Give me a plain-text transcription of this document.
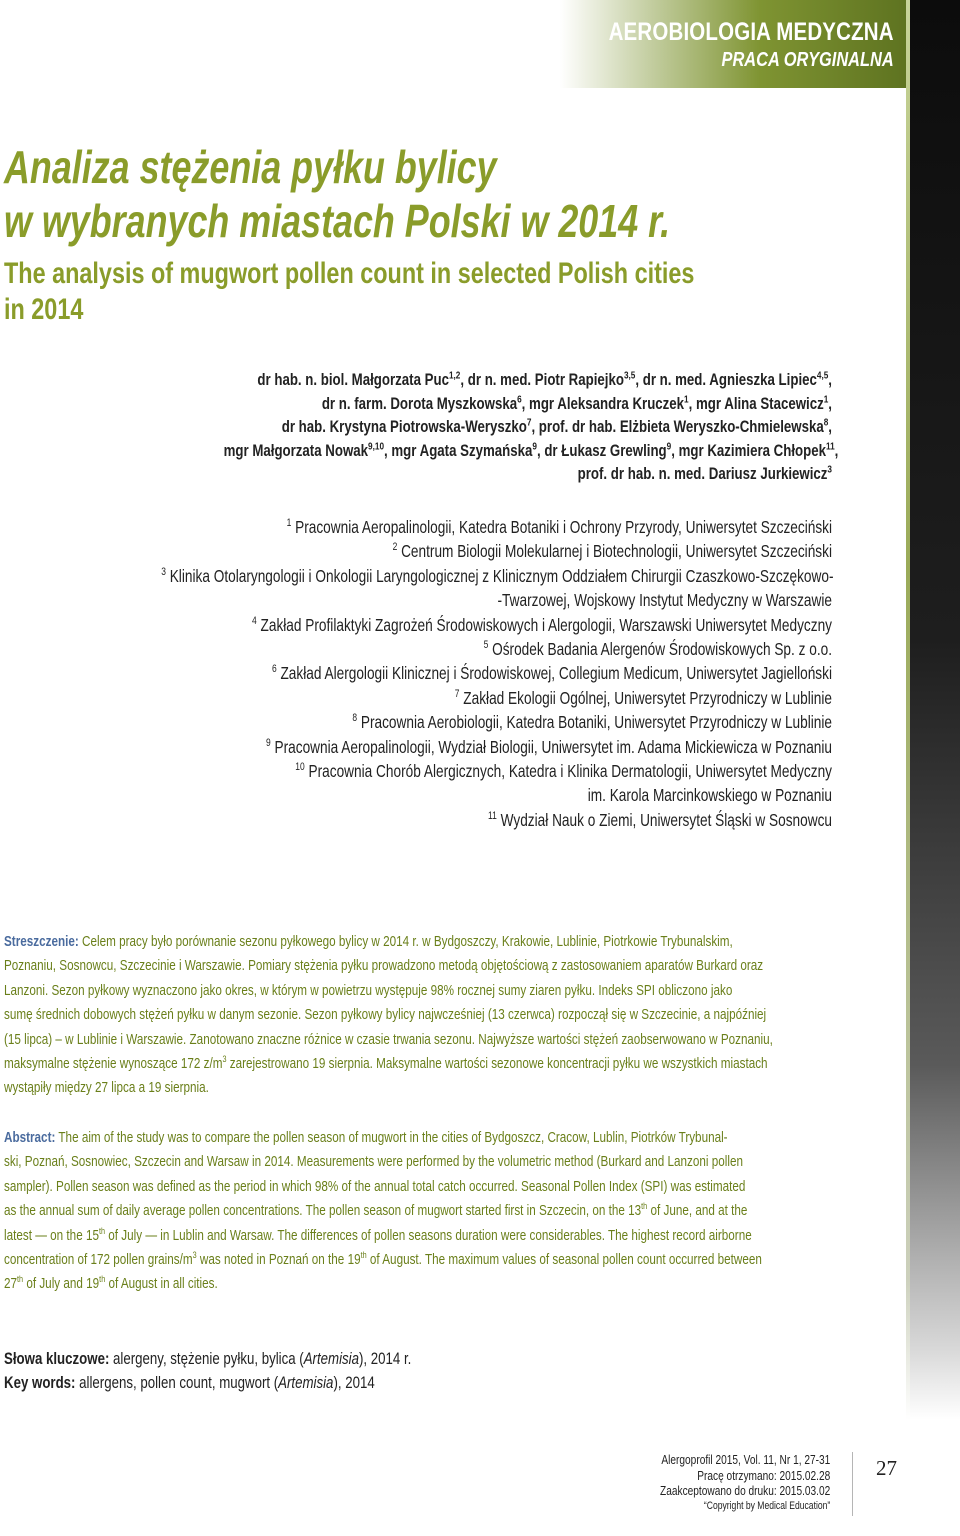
AEROBIOLOGIA MEDYCZNA
PRACA ORYGINALNA
Analiza stężenia pyłku bylicy
w wybranych miastach Polski w 2014 r.
The analysis of mugwort pollen count in selected Polish cities
in 2014
dr hab. n. biol. Małgorzata Puc$^{1,2}$, dr n. med. Piotr Rapiejko$^{3,5}$, dr n. med. Agnieszka Lipiec$^{4,5}$,
dr n. farm. Dorota Myszkowska$^6$, mgr Aleksandra Kruczek$^1$, mgr Alina Stacewicz$^1$,
dr hab. Krystyna Piotrowska-Weryszko$^7$, prof. dr hab. Elżbieta Weryszko-Chmielewska$^8$,
mgr Małgorzata Nowak$^{9,10}$, mgr Agata Szymańska$^9$, dr Łukasz Grewling$^9$, mgr Kazimiera Chłopek$^{11}$,
prof. dr hab. n. med. Dariusz Jurkiewicz$^3$
$^1$ Pracownia Aeropalinologii, Katedra Botaniki i Ochrony Przyrody, Uniwersytet Szczeciński
$^2$ Centrum Biologii Molekularnej i Biotechnologii, Uniwersytet Szczeciński
$^3$ Klinika Otolaryngologii i Onkologii Laryngologicznej z Klinicznym Oddziałem Chirurgii Czaszkowo-Szczękowo-
-Twarzowej, Wojskowy Instytut Medyczny w Warszawie
$^4$ Zakład Profilaktyki Zagrożeń Środowiskowych i Alergologii, Warszawski Uniwersytet Medyczny
$^5$ Ośrodek Badania Alergenów Środowiskowych Sp. z o.o.
$^6$ Zakład Alergologii Klinicznej i Środowiskowej, Collegium Medicum, Uniwersytet Jagielloński
$^7$ Zakład Ekologii Ogólnej, Uniwersytet Przyrodniczy w Lublinie
$^8$ Pracownia Aerobiologii, Katedra Botaniki, Uniwersytet Przyrodniczy w Lublinie
$^9$ Pracownia Aeropalinologii, Wydział Biologii, Uniwersytet im. Adama Mickiewicza w Poznaniu
$^{10}$ Pracownia Chorób Alergicznych, Katedra i Klinika Dermatologii, Uniwersytet Medyczny
im. Karola Marcinkowskiego w Poznaniu
$^{11}$ Wydział Nauk o Ziemi, Uniwersytet Śląski w Sosnowcu
Streszczenie: Celem pracy było porównanie sezonu pyłkowego bylicy w 2014 r. w Bydgoszczy, Krakowie, Lublinie, Piotrkowie Trybunalskim,
Poznaniu, Sosnowcu, Szczecinie i Warszawie. Pomiary stężenia pyłku prowadzono metodą objętościową z zastosowaniem aparatów Burkard oraz
Lanzoni. Sezon pyłkowy wyznaczono jako okres, w którym w powietrzu występuje 98% rocznej sumy ziaren pyłku. Indeks SPI obliczono jako
sumę średnich dobowych stężeń pyłku w danym sezonie. Sezon pyłkowy bylicy najwcześniej (13 czerwca) rozpoczął się w Szczecinie, a najpóźniej
(15 lipca) – w Lublinie i Warszawie. Zanotowano znaczne różnice w czasie trwania sezonu. Najwyższe wartości stężeń zaobserwowano w Poznaniu,
maksymalne stężenie wynoszące 172 $z/m^3$ zarejestrowano 19 sierpnia. Maksymalne wartości sezonowe koncentracji pyłku we wszystkich miastach
wystąpiły między 27 lipca a 19 sierpnia.
Abstract: The aim of the study was to compare the pollen season of mugwort in the cities of Bydgoszcz, Cracow, Lublin, Piotrków Trybunal-
ski, Poznań, Sosnowiec, Szczecin and Warsaw in 2014. Measurements were performed by the volumetric method (Burkard and Lanzoni pollen
sampler). Pollen season was defined as the period in which 98% of the annual total catch occurred. Seasonal Pollen Index (SPI) was estimated
as the annual sum of daily average pollen concentrations. The pollen season of mugwort started first in Szczecin, on the 13th of June, and at the
latest — on the 15th of July — in Lublin and Warsaw. The differences of pollen seasons duration were considerables. The highest record airborne
concentration of 172 pollen grains/$m^3$ was noted in Poznań on the 19th of August. The maximum values of seasonal pollen count occurred between
27th of July and 19th of August in all cities.
Słowa kluczowe: alergeny, stężenie pyłku, bylica (Artemisia), 2014 r.
Key words: allergens, pollen count, mugwort (Artemisia), 2014
Alergoprofil 2015, Vol. 11, Nr 1, 27-31
Pracę otrzymano: 2015.02.28
Zaakceptowano do druku: 2015.03.02
“Copyright by Medical Education”
27
